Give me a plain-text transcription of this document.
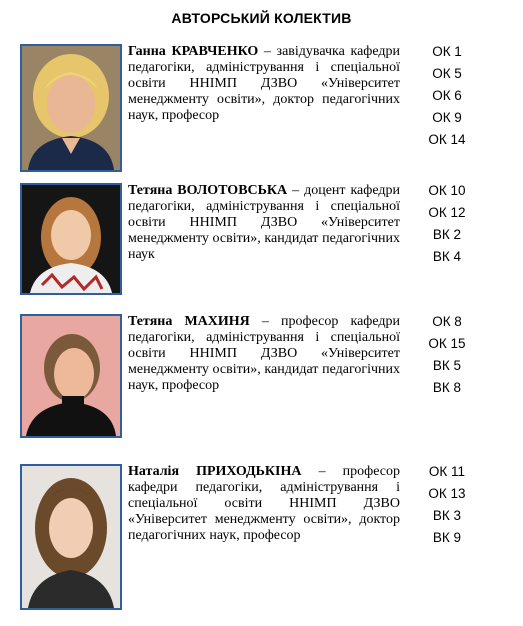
АВТОРСЬКИЙ КОЛЕКТИВ
Ганна КРАВЧЕНКО – завідувачка кафедри педагогіки, адміністрування і спеціальної освіти ННІМП ДЗВО «Університет менеджменту освіти», доктор педагогічних наук, професор
ОК 1
ОК 5
ОК 6
ОК 9
ОК 14
Тетяна ВОЛОТОВСЬКА – доцент кафедри педагогіки, адміністрування і спеціальної освіти ННІМП ДЗВО «Університет менеджменту освіти», кандидат педагогічних наук
ОК 10
ОК 12
ВК 2
ВК 4
Тетяна МАХИНЯ – професор кафедри педагогіки, адміністрування і спеціальної освіти ННІМП ДЗВО «Університет менеджменту освіти», кандидат педагогічних наук, професор
ОК 8
ОК 15
ВК 5
ВК 8
Наталія ПРИХОДЬКІНА – професор кафедри педагогіки, адміністрування і спеціальної освіти ННІМП ДЗВО «Університет менеджменту освіти», доктор педагогічних наук, професор
ОК 11
ОК 13
ВК 3
ВК 9
